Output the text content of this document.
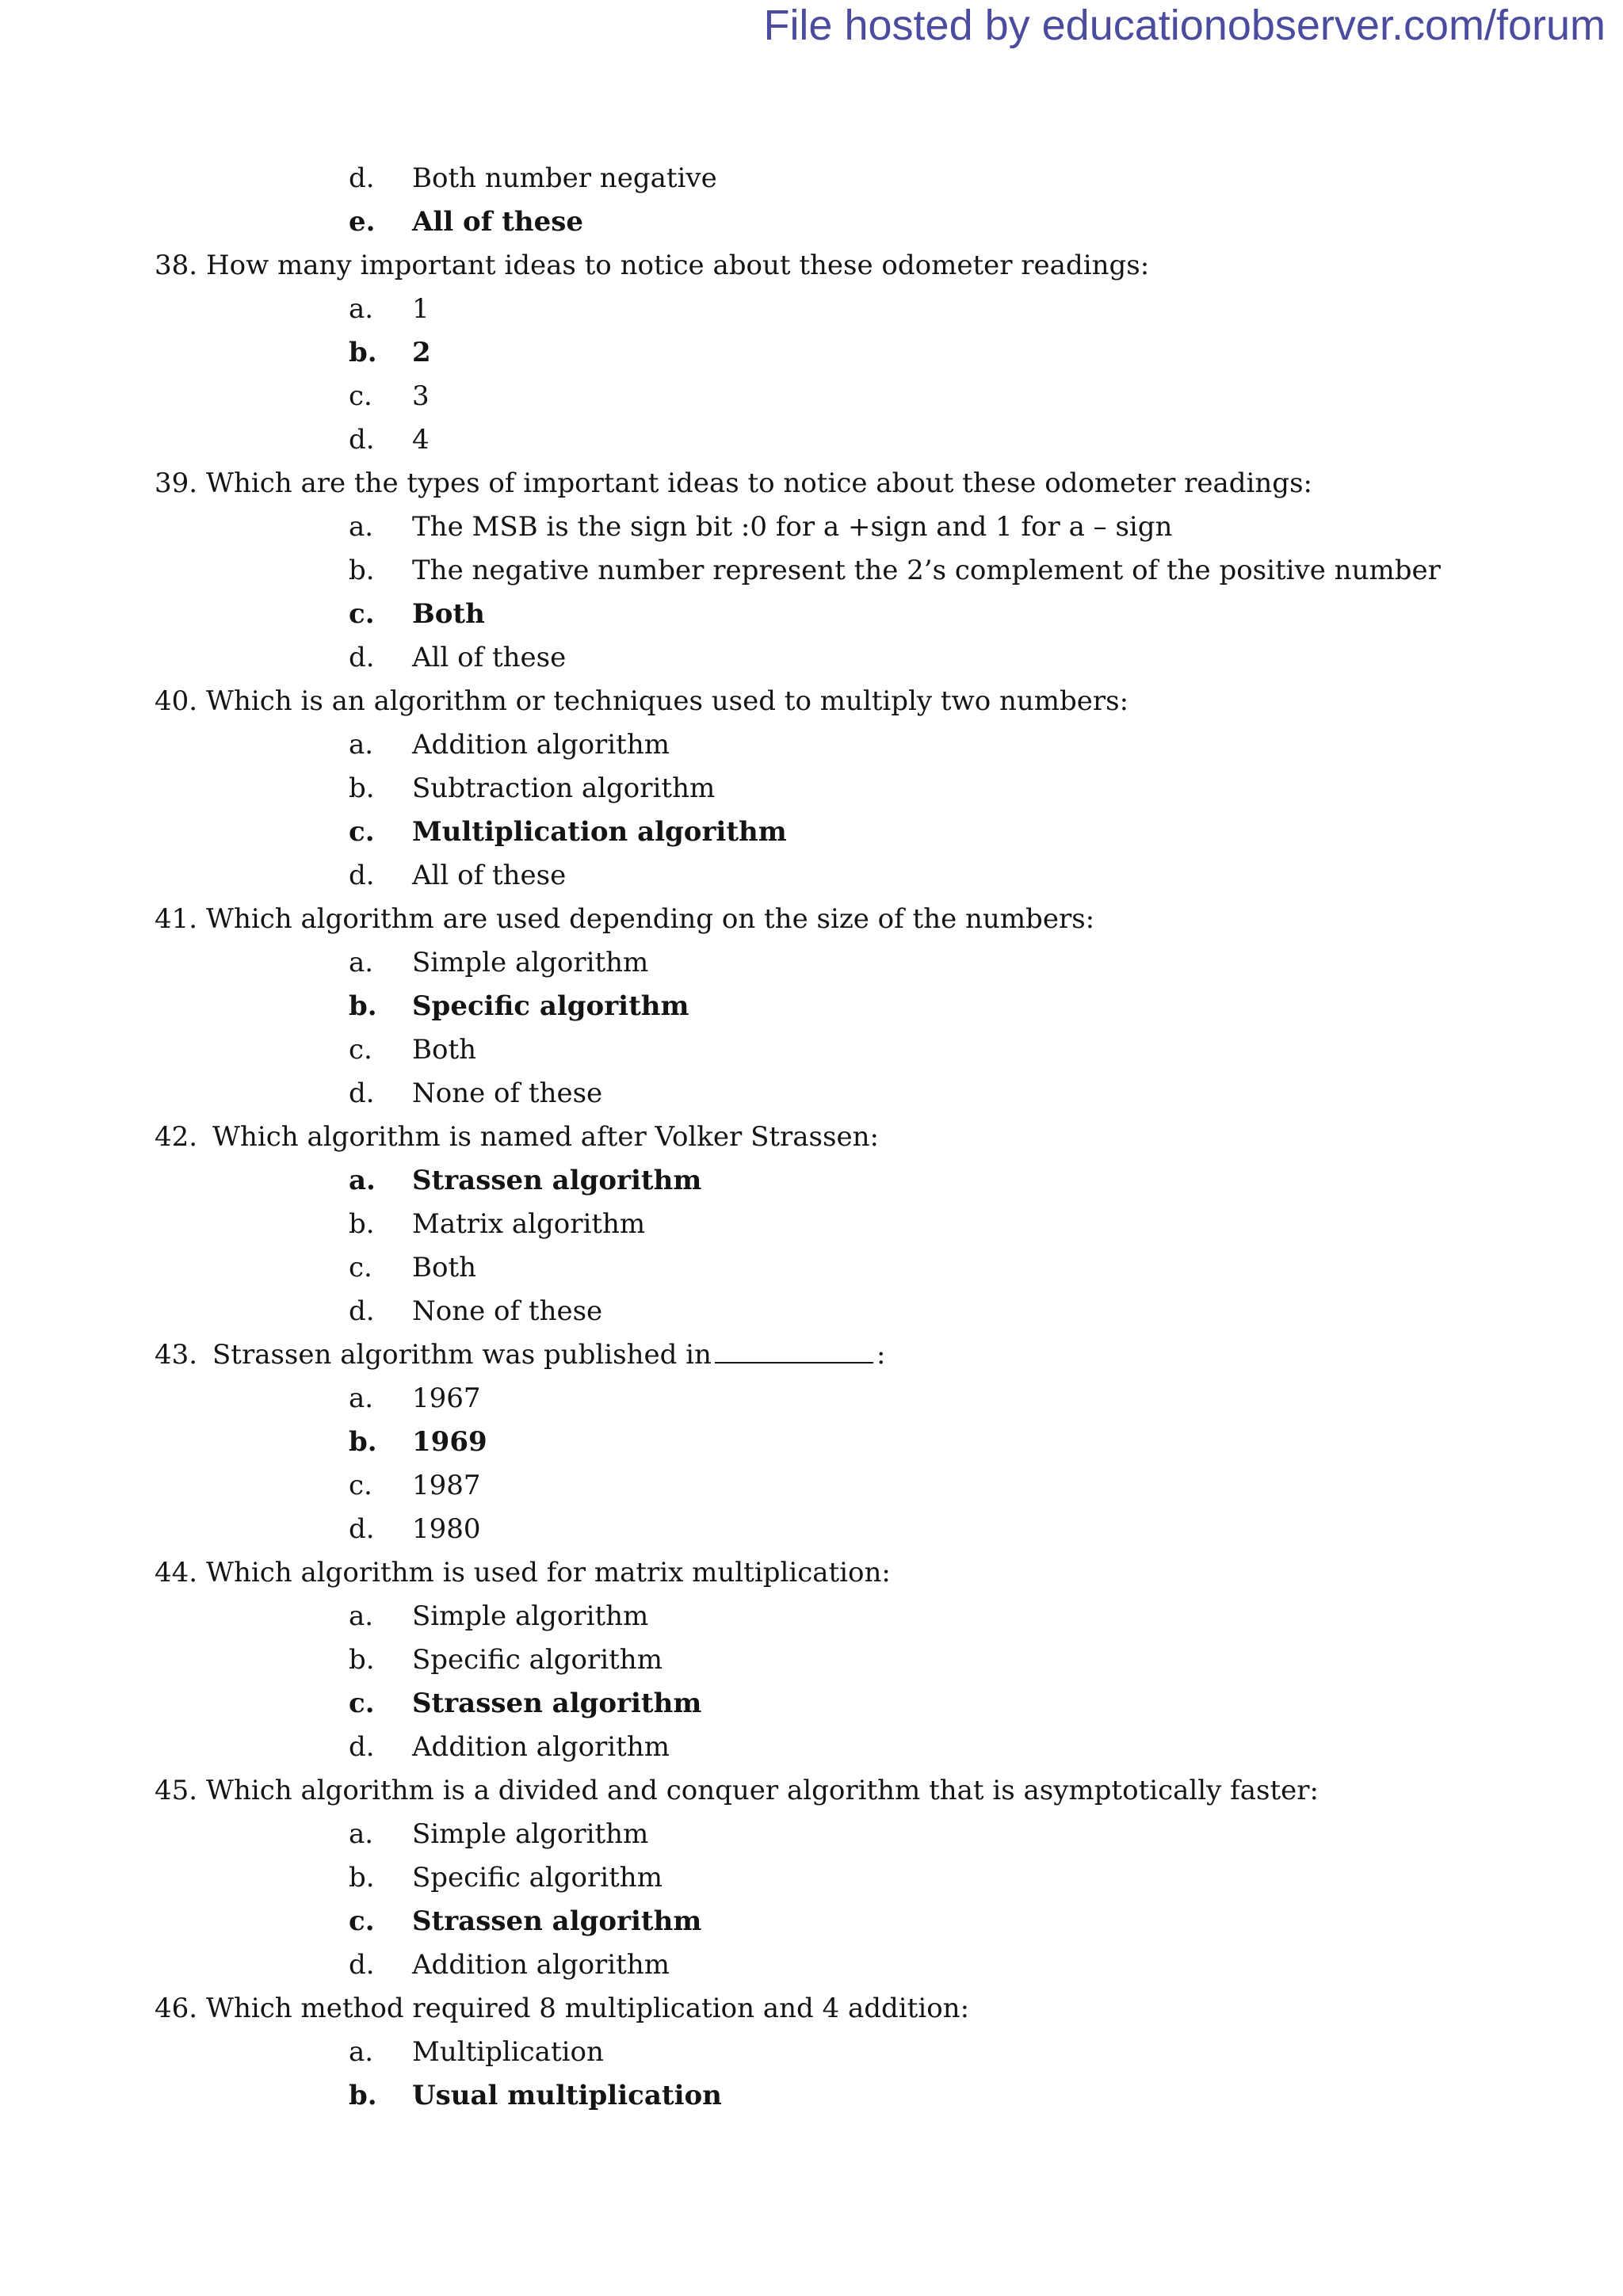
File hosted by educationobserver.com/forum
d. Both number negative
e. All of these
38. How many important ideas to notice about these odometer readings:
a. 1
b. 2
c. 3
d. 4
39. Which are the types of important ideas to notice about these odometer readings:
a. The MSB is the sign bit :0 for a +sign and 1 for a – sign
b. The negative number represent the 2’s complement of the positive number
c. Both
d. All of these
40. Which is an algorithm or techniques used to multiply two numbers:
a. Addition algorithm
b. Subtraction algorithm
c. Multiplication algorithm
d. All of these
41. Which algorithm are used depending on the size of the numbers:
a. Simple algorithm
b. Specific algorithm
c. Both
d. None of these
42. Which algorithm is named after Volker Strassen:
a. Strassen algorithm
b. Matrix algorithm
c. Both
d. None of these
43. Strassen algorithm was published in	:
a. 1967
b. 1969
c. 1987
d. 1980
44. Which algorithm is used for matrix multiplication:
a. Simple algorithm
b. Specific algorithm
c. Strassen algorithm
d. Addition algorithm
45. Which algorithm is a divided and conquer algorithm that is asymptotically faster:
a. Simple algorithm
b. Specific algorithm
c. Strassen algorithm
d. Addition algorithm
46. Which method required 8 multiplication and 4 addition:
a. Multiplication
b. Usual multiplication
